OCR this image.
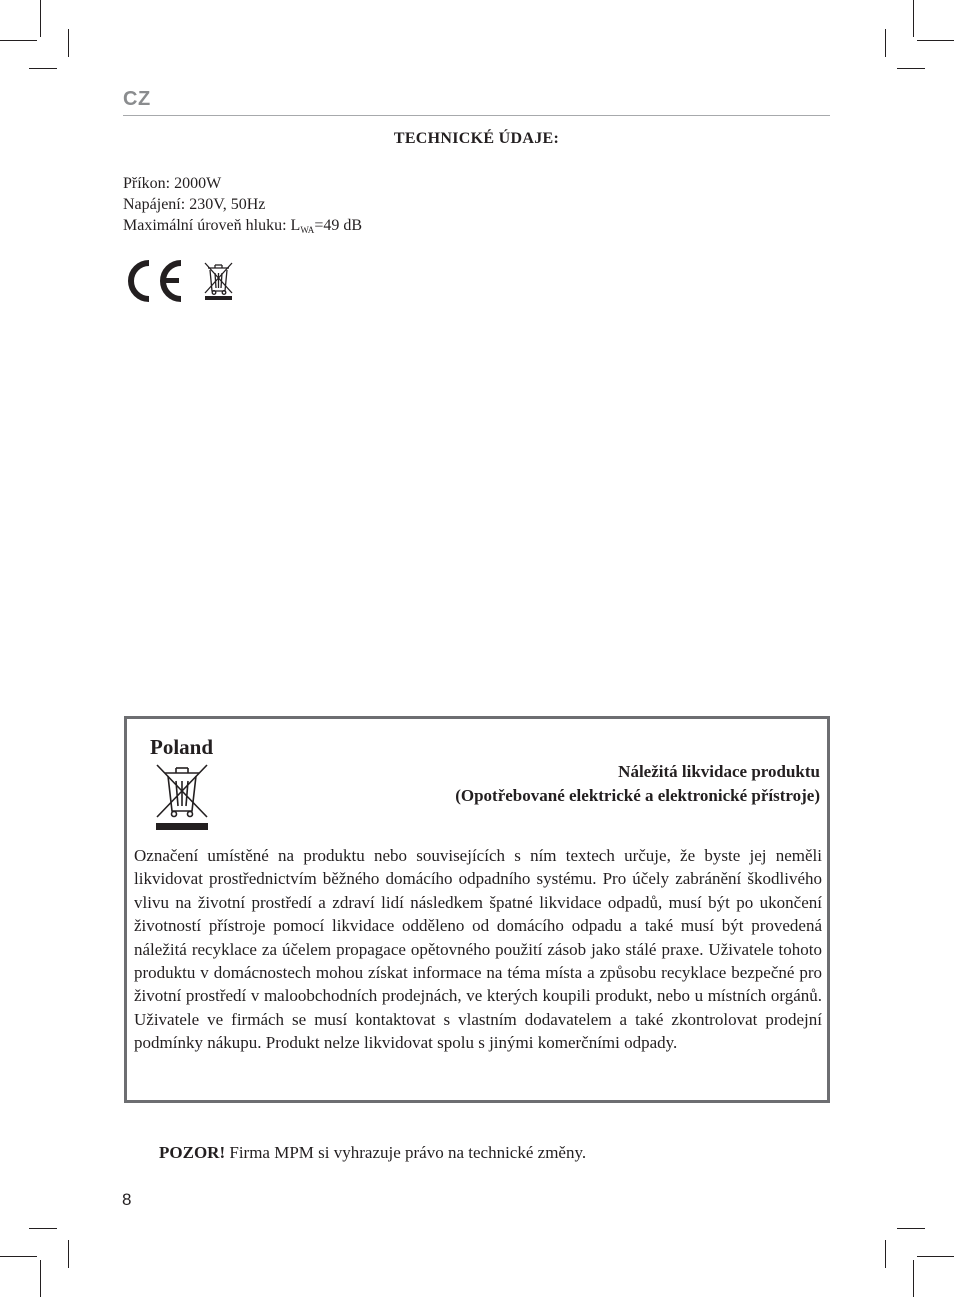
CZ
TECHNICKÉ ÚDAJE:
Příkon: 2000W
Napájení: 230V, 50Hz
Maximální úroveň hluku: $L_{WA}=49$ dB
Poland
Náležitá likvidace produktu
(Opotřebované elektrické a elektronické přístroje)
Označení umístěné na produktu nebo souvisejících s ním textech určuje, že byste jej neměli likvidovat prostřednictvím běžného domácího odpadního systému. Pro účely zabránění škodlivého vlivu na životní prostředí a zdraví lidí následkem špatné likvidace odpadů, musí být po ukončení životností přístroje pomocí likvidace odděleno od domácího odpadu a také musí být provedená náležitá recyklace za účelem propagace opětovného použití zásob jako stálé praxe. Uživatele tohoto produktu v domácnostech mohou získat informace na téma místa a způsobu recyklace bezpečné pro životní prostředí v maloobchodních prodejnách, ve kterých koupili produkt, nebo u místních orgánů. Uživatele ve firmách se musí kontaktovat s vlastním dodavatelem a také zkontrolovat prodejní podmínky nákupu. Produkt nelze likvidovat spolu s jinými komerčními odpady.
POZOR! Firma MPM si vyhrazuje právo na technické změny.
8
